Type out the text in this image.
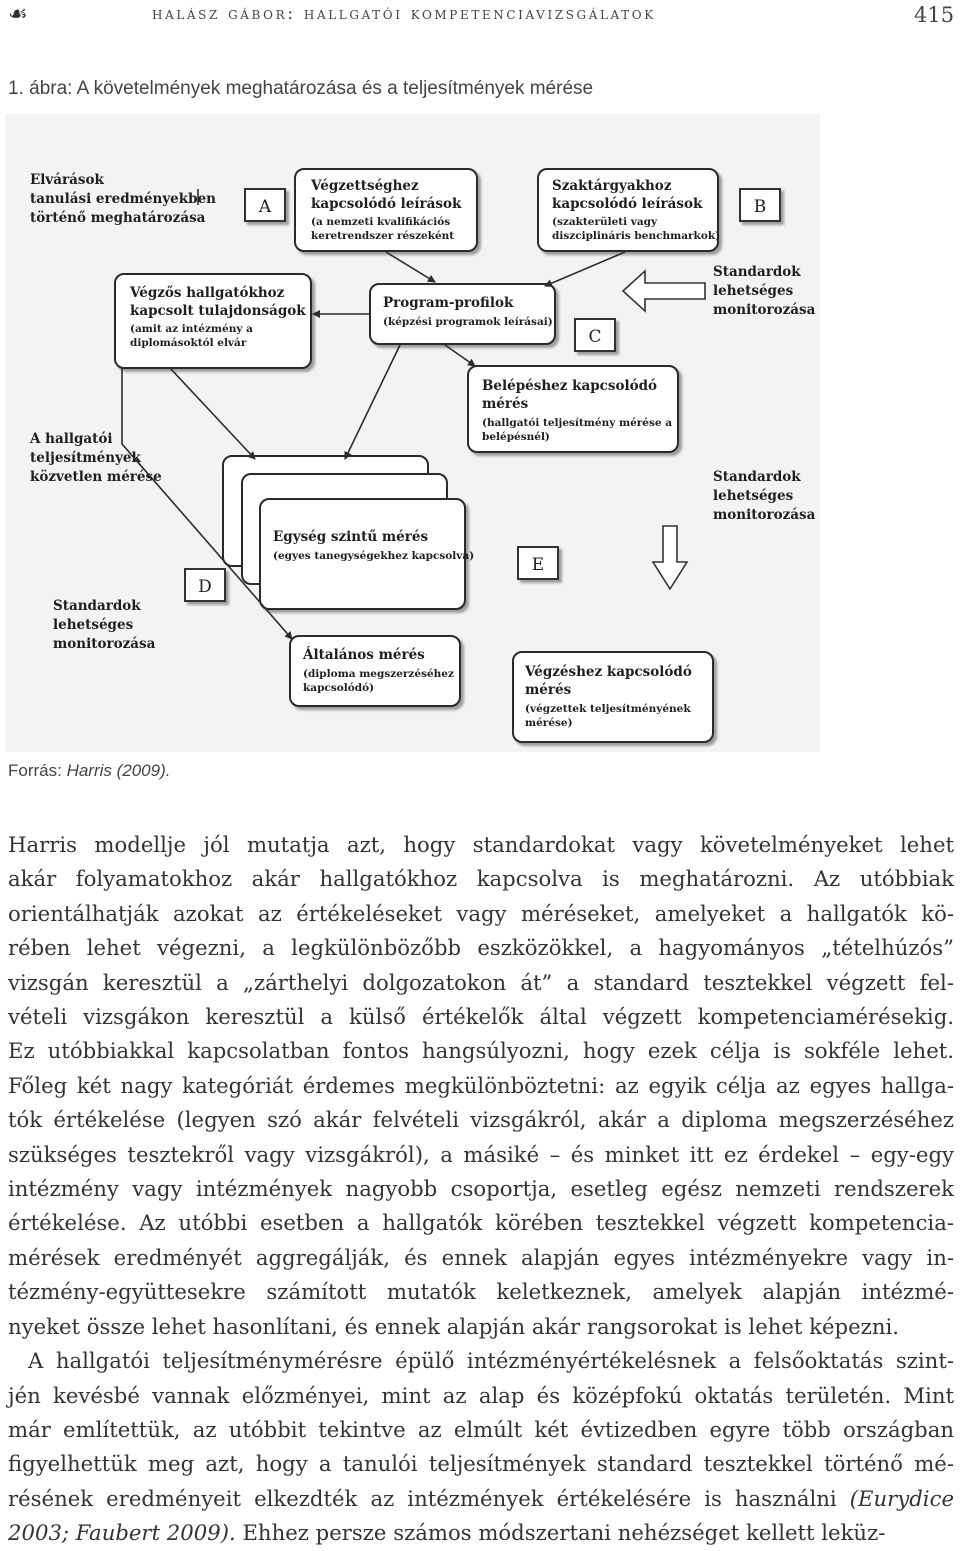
☙	halász gábor: hallgatói kompetenciavizsgálatok	415
1. ábra: A követelmények meghatározása és a teljesítmények mérése
Elvárások
tanulási eredményekben
történő meghatározása
A hallgatói
teljesítmények
közvetlen mérése
Standardok
lehetséges
monitorozása
Standardok
lehetséges
monitorozása
Standardok
lehetséges
monitorozása
A	B
C
D
E
Végzettséghez
kapcsolódó leírások
(a nemzeti kvalifikációs
keretrendszer részeként
Szaktárgyakhoz
kapcsolódó leírások
(szakterületi vagy
diszciplináris benchmarkok)
Végzős hallgatókhoz
kapcsolt tulajdonságok
(amit az intézmény a
diplomásoktól elvár
Program-profilok
(képzési programok leírásai)
Belépéshez kapcsolódó
mérés
(hallgatói teljesítmény mérése a
belépésnél)
Egység szintű mérés
(egyes tanegységekhez kapcsolva)
Általános mérés
(diploma megszerzéséhez
kapcsolódó)
Végzéshez kapcsolódó
mérés
(végzettek teljesítményének
mérése)
Forrás: Harris (2009).

Harris modellje jól mutatja azt, hogy standardokat vagy követelményeket lehet

akár folyamatokhoz akár hallgatókhoz kapcsolva is meghatározni. Az utóbbiak

orientálhatják azokat az értékeléseket vagy méréseket, amelyeket a hallgatók kö-

rében lehet végezni, a legkülönbözőbb eszközökkel, a hagyományos „tételhúzós”

vizsgán keresztül a „zárthelyi dolgozatokon át” a standard tesztekkel végzett fel-

vételi vizsgákon keresztül a külső értékelők által végzett kompetenciamérésekig.

Ez utóbbiakkal kapcsolatban fontos hangsúlyozni, hogy ezek célja is sokféle lehet.

Főleg két nagy kategóriát érdemes megkülönböztetni: az egyik célja az egyes hallga-

tók értékelése (legyen szó akár felvételi vizsgákról, akár a diploma megszerzéséhez

szükséges tesztekről vagy vizsgákról), a másiké – és minket itt ez érdekel – egy-egy

intézmény vagy intézmények nagyobb csoportja, esetleg egész nemzeti rendszerek

értékelése. Az utóbbi esetben a hallgatók körében tesztekkel végzett kompetencia-

mérések eredményét aggregálják, és ennek alapján egyes intézményekre vagy in-

tézmény-együttesekre számított mutatók keletkeznek, amelyek alapján intézmé-

nyeket össze lehet hasonlítani, és ennek alapján akár rangsorokat is lehet képezni.

A hallgatói teljesítménymérésre épülő intézményértékelésnek a felsőoktatás szint-

jén kevésbé vannak előzményei, mint az alap és középfokú oktatás területén. Mint

már említettük, az utóbbit tekintve az elmúlt két évtizedben egyre több országban

figyelhettük meg azt, hogy a tanulói teljesítmények standard tesztekkel történő mé-

résének eredményeit elkezdték az intézmények értékelésére is használni (Eurydice

2003; Faubert 2009). Ehhez persze számos módszertani nehézséget kellett leküz-
